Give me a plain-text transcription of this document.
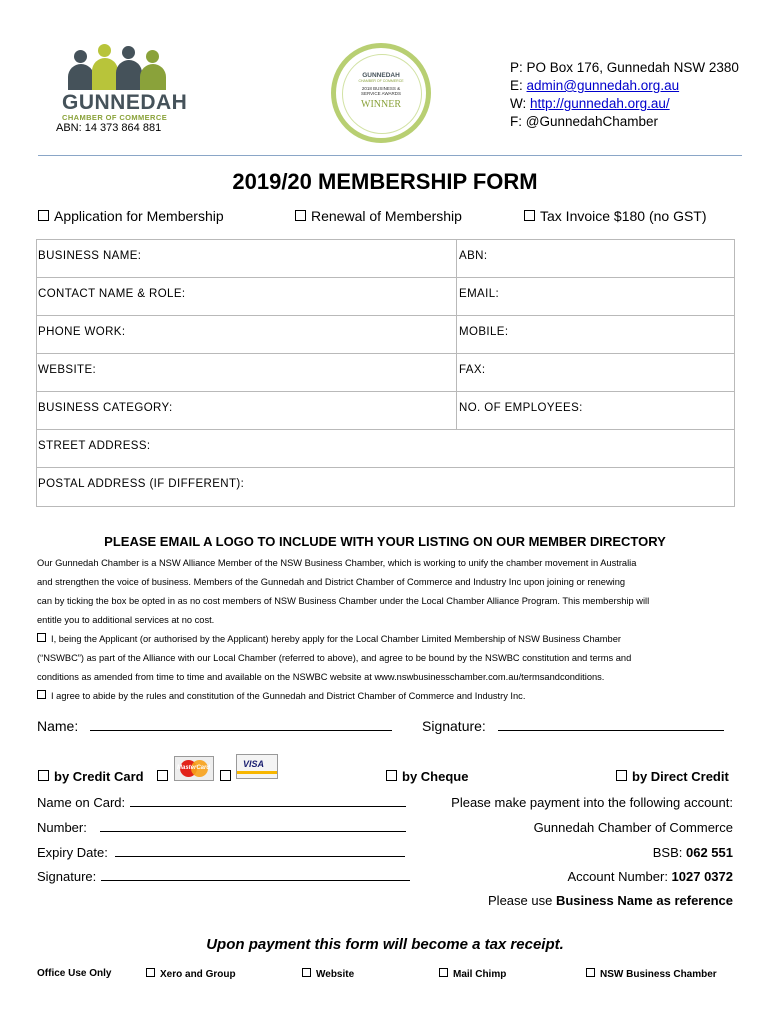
GUNNEDAH
CHAMBER OF COMMERCE
ABN: 14 373 864 881
GUNNEDAH
CHAMBER OF COMMERCE
2018 BUSINESS &
SERVICE AWARDS
WINNER
P: PO Box 176, Gunnedah NSW 2380
E: admin@gunnedah.org.au
W: http://gunnedah.org.au/
F: @GunnedahChamber
2019/20 MEMBERSHIP FORM
Application for Membership	Renewal of Membership	Tax Invoice $180 (no GST)
BUSINESS NAME:	ABN:
CONTACT NAME & ROLE:	EMAIL:
PHONE WORK:	MOBILE:
WEBSITE:	FAX:
BUSINESS CATEGORY:	NO. OF EMPLOYEES:
STREET ADDRESS:
POSTAL ADDRESS (IF DIFFERENT):
PLEASE EMAIL A LOGO TO INCLUDE WITH YOUR LISTING ON OUR MEMBER DIRECTORY
Our Gunnedah Chamber is a NSW Alliance Member of the NSW Business Chamber, which is working to unify the chamber movement in Australia
and strengthen the voice of business. Members of the Gunnedah and District Chamber of Commerce and Industry Inc upon joining or renewing
can by ticking the box be opted in as no cost members of NSW Business Chamber under the Local Chamber Alliance Program. This membership will
entitle you to additional services at no cost.
I, being the Applicant (or authorised by the Applicant) hereby apply for the Local Chamber Limited Membership of NSW Business Chamber
(“NSWBC”) as part of the Alliance with our Local Chamber (referred to above), and agree to be bound by the NSWBC constitution and terms and
conditions as amended from time to time and available on the NSWBC website at www.nswbusinesschamber.com.au/termsandconditions.
I agree to abide by the rules and constitution of the Gunnedah and District Chamber of Commerce and Industry Inc.
Name:	Signature:
by Credit Card
MasterCard	VISA
by Cheque	by Direct Credit
Name on Card:
Number:
Expiry Date:
Signature:
Please make payment into the following account:
Gunnedah Chamber of Commerce
BSB: 062 551
Account Number: 1027 0372
Please use Business Name as reference
Upon payment this form will become a tax receipt.
Office Use Only	Xero and Group	Website	Mail Chimp	NSW Business Chamber
